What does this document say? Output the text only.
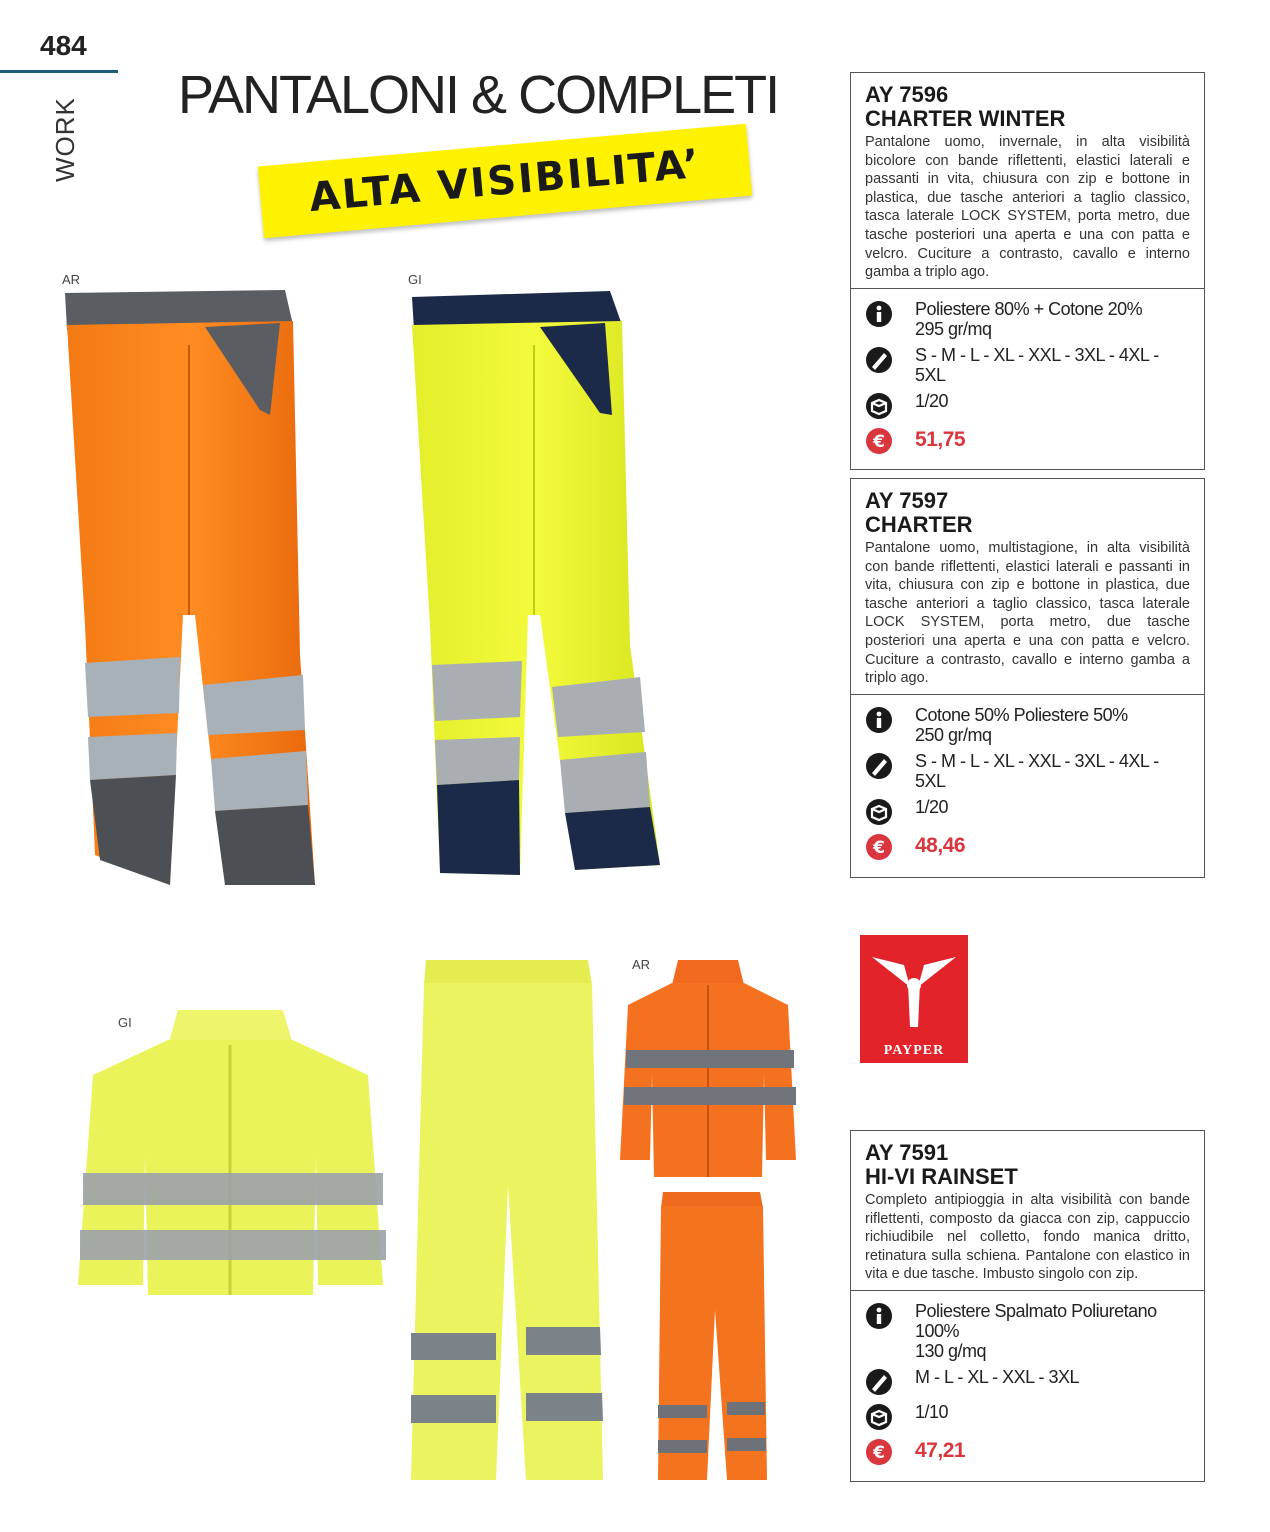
484
WORK
PANTALONI & COMPLETI
ALTA VISIBILITA’
AR	GI
GI
AR
AY 7596
CHARTER WINTER
Pantalone uomo, invernale, in alta visibilità bicolore con bande riflettenti, elastici laterali e passanti in vita, chiusura con zip e bottone in plastica, due tasche anteriori a taglio classico, tasca laterale LOCK SYSTEM, porta metro, due tasche posteriori una aperta e una con patta e velcro. Cuciture a contrasto, cavallo e interno gamba a triplo ago.
Poliestere 80% + Cotone 20%
295 gr/mq
S - M - L - XL - XXL - 3XL - 4XL - 5XL
1/20
€ 51,75
AY 7597
CHARTER
Pantalone uomo, multistagione, in alta visibilità con bande riflettenti, elastici laterali e passanti in vita, chiusura con zip e bottone in plastica, due tasche anteriori a taglio classico, tasca laterale LOCK SYSTEM, porta metro, due tasche posteriori una aperta e una con patta e velcro. Cuciture a contrasto, cavallo e interno gamba a triplo ago.
Cotone 50% Poliestere 50%
250 gr/mq
S - M - L - XL - XXL - 3XL - 4XL - 5XL
1/20
€ 48,46
PAYPER
AY 7591
HI-VI RAINSET
Completo antipioggia in alta visibilità con bande riflettenti, composto da giacca con zip, cappuccio richiudibile nel colletto, fondo manica dritto, retinatura sulla schiena. Pantalone con elastico in vita e due tasche. Imbusto singolo con zip.
Poliestere Spalmato Poliuretano 100%
130 g/mq
M - L - XL - XXL - 3XL
1/10
€ 47,21
